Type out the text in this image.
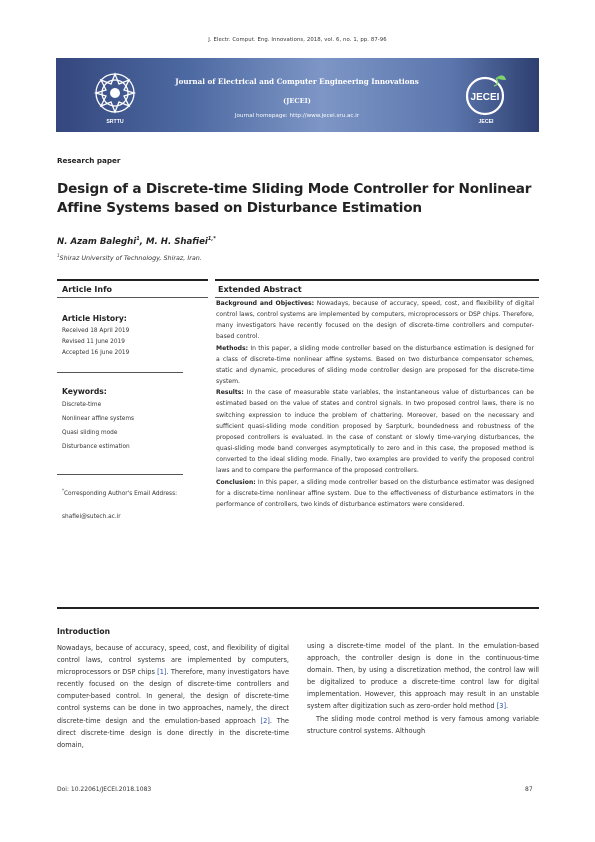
J. Electr. Comput. Eng. Innovations, 2018, vol. 6, no. 1, pp. 87-96
SRTTU
Journal of Electrical and Computer Engineering Innovations
(JECEI)
Journal homepage: http://www.jecei.sru.ac.ir
JECEI
JECEI
Research paper
Design of a Discrete-time Sliding Mode Controller for Nonlinear Affine Systems based on Disturbance Estimation
N. Azam Baleghi$^1$, M. H. Shafiei$^{1,*}$
$^1$Shiraz University of Technology, Shiraz, Iran.
Article Info	Extended Abstract
Article History:
Received 18 April 2019
Revised 11 June 2019
Accepted 16 June 2019
Keywords:
Discrete-time
Nonlinear affine systems
Quasi sliding mode
Disturbance estimation
*Corresponding Author's Email Address:
shafiei@sutech.ac.ir

Background and Objectives: Nowadays, because of accuracy, speed, cost, and flexibility of digital control laws, control systems are implemented by computers, microprocessors or DSP chips. Therefore, many investigators have recently focused on the design of discrete-time controllers and computer-based control.

Methods: In this paper, a sliding mode controller based on the disturbance estimation is designed for a class of discrete-time nonlinear affine systems. Based on two disturbance compensator schemes, static and dynamic, procedures of sliding mode controller design are proposed for the discrete-time system.

Results: In the case of measurable state variables, the instantaneous value of disturbances can be estimated based on the value of states and control signals. In two proposed control laws, there is no switching expression to induce the problem of chattering. Moreover, based on the necessary and sufficient quasi-sliding mode condition proposed by Sarpturk, boundedness and robustness of the proposed controllers is evaluated. In the case of constant or slowly time-varying disturbances, the quasi-sliding mode band converges asymptotically to zero and in this case, the proposed method is converted to the ideal sliding mode. Finally, two examples are provided to verify the proposed control laws and to compare the performance of the proposed controllers.

Conclusion: In this paper, a sliding mode controller based on the disturbance estimator was designed for a discrete-time nonlinear affine system. Due to the effectiveness of disturbance estimators in the performance of controllers, two kinds of disturbance estimators were considered.

Introduction

Nowadays, because of accuracy, speed, cost, and flexibility of digital control laws, control systems are implemented by computers, microprocessors or DSP chips [1]. Therefore, many investigators have recently focused on the design of discrete-time controllers and computer-based control. In general, the design of discrete-time control systems can be done in two approaches, namely, the direct discrete-time design and the emulation-based approach [2]. The direct discrete-time design is done directly in the discrete-time domain,

using a discrete-time model of the plant. In the emulation-based approach, the controller design is done in the continuous-time domain. Then, by using a discretization method, the control law will be digitalized to produce a discrete-time control law for digital implementation. However, this approach may result in an unstable system after digitization such as zero-order hold method [3].

The sliding mode control method is very famous among variable structure control systems. Although

Doi: 10.22061/JECEI.2018.1083	87
